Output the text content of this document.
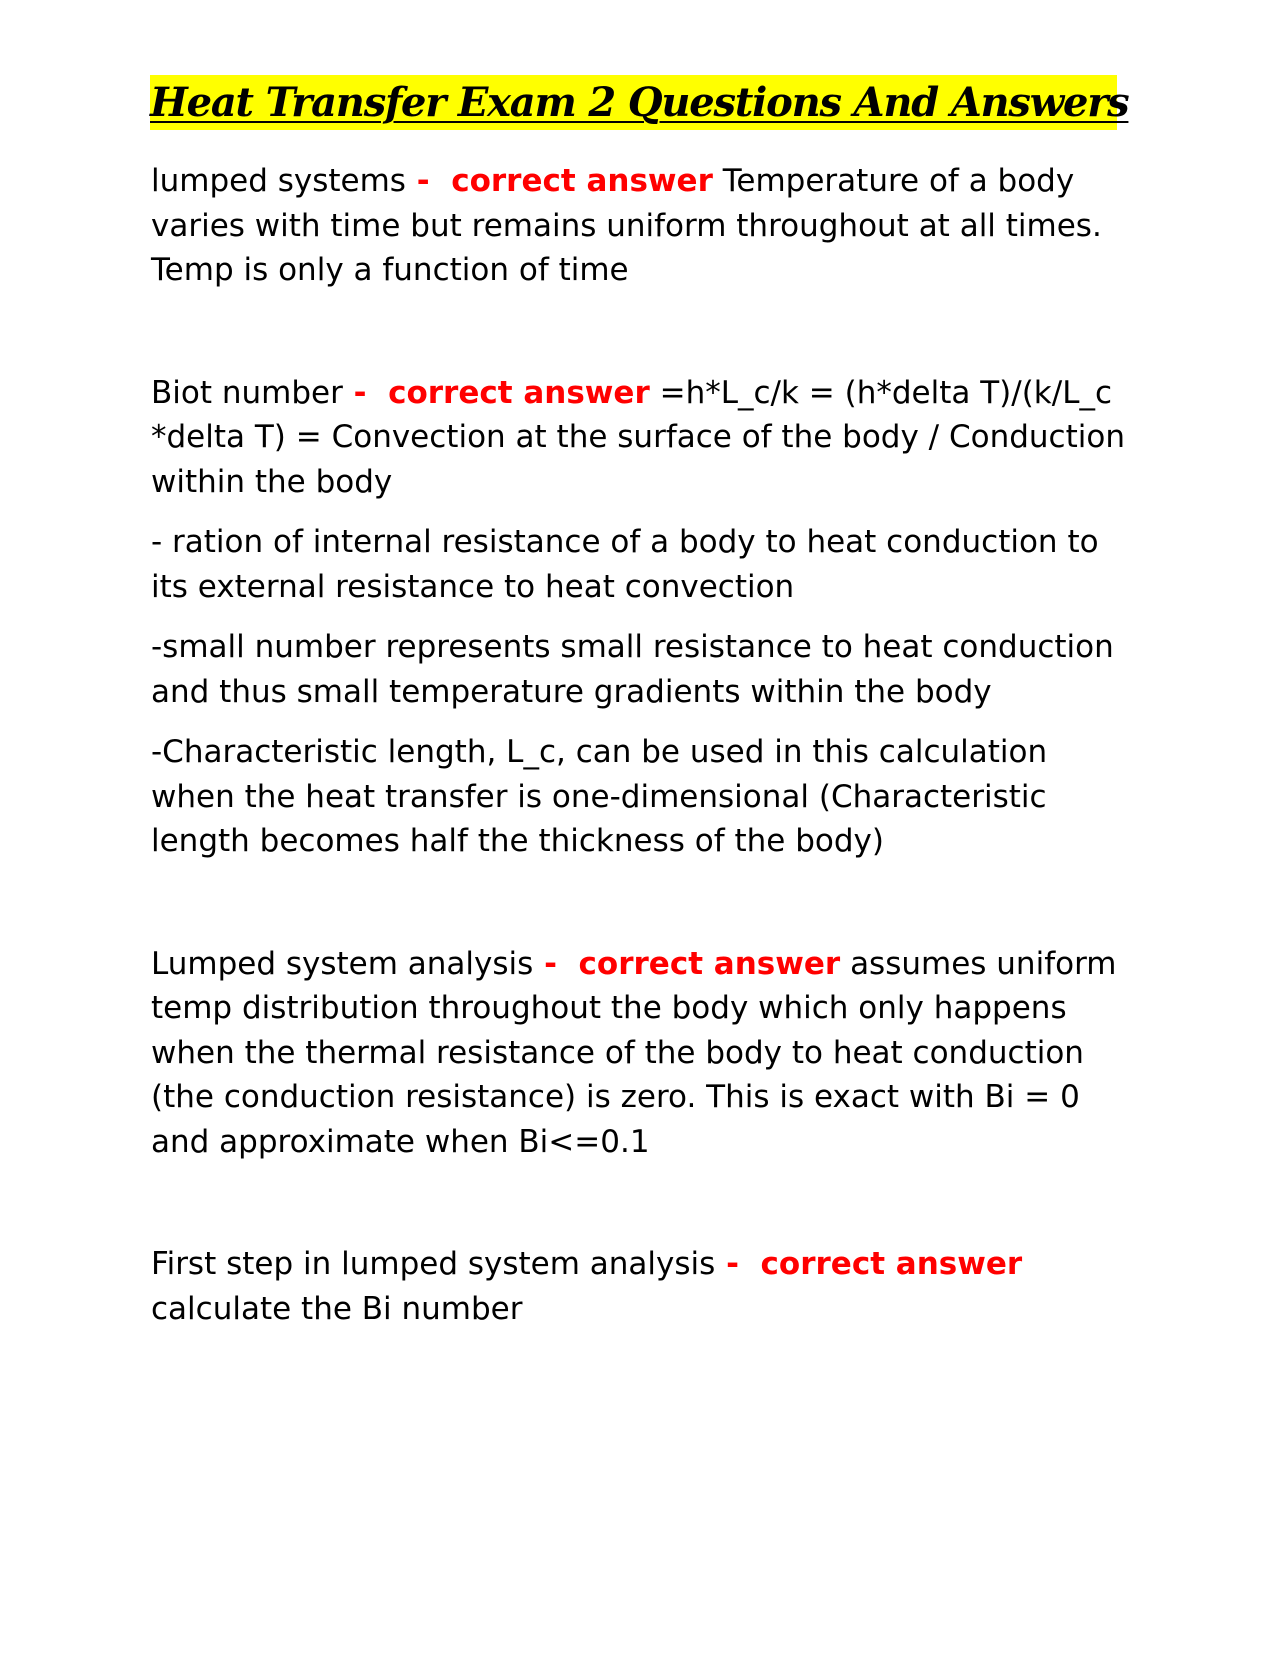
Heat Transfer Exam 2 Questions And Answers

lumped systems -  correct answer Temperature of a body varies with time but remains uniform throughout at all times. Temp is only a function of time

Biot number -  correct answer =h*L_c/k = (h*delta T)/(k/L_c *delta T) = Convection at the surface of the body / Conduction within the body

- ration of internal resistance of a body to heat conduction to its external resistance to heat convection

-small number represents small resistance to heat conduction and thus small temperature gradients within the body

-Characteristic length, L_c, can be used in this calculation when the heat transfer is one-dimensional (Characteristic length becomes half the thickness of the body)

Lumped system analysis -  correct answer assumes uniform temp distribution throughout the body which only happens when the thermal resistance of the body to heat conduction (the conduction resistance) is zero. This is exact with Bi = 0 and approximate when Bi<=0.1

First step in lumped system analysis -  correct answer calculate the Bi number
